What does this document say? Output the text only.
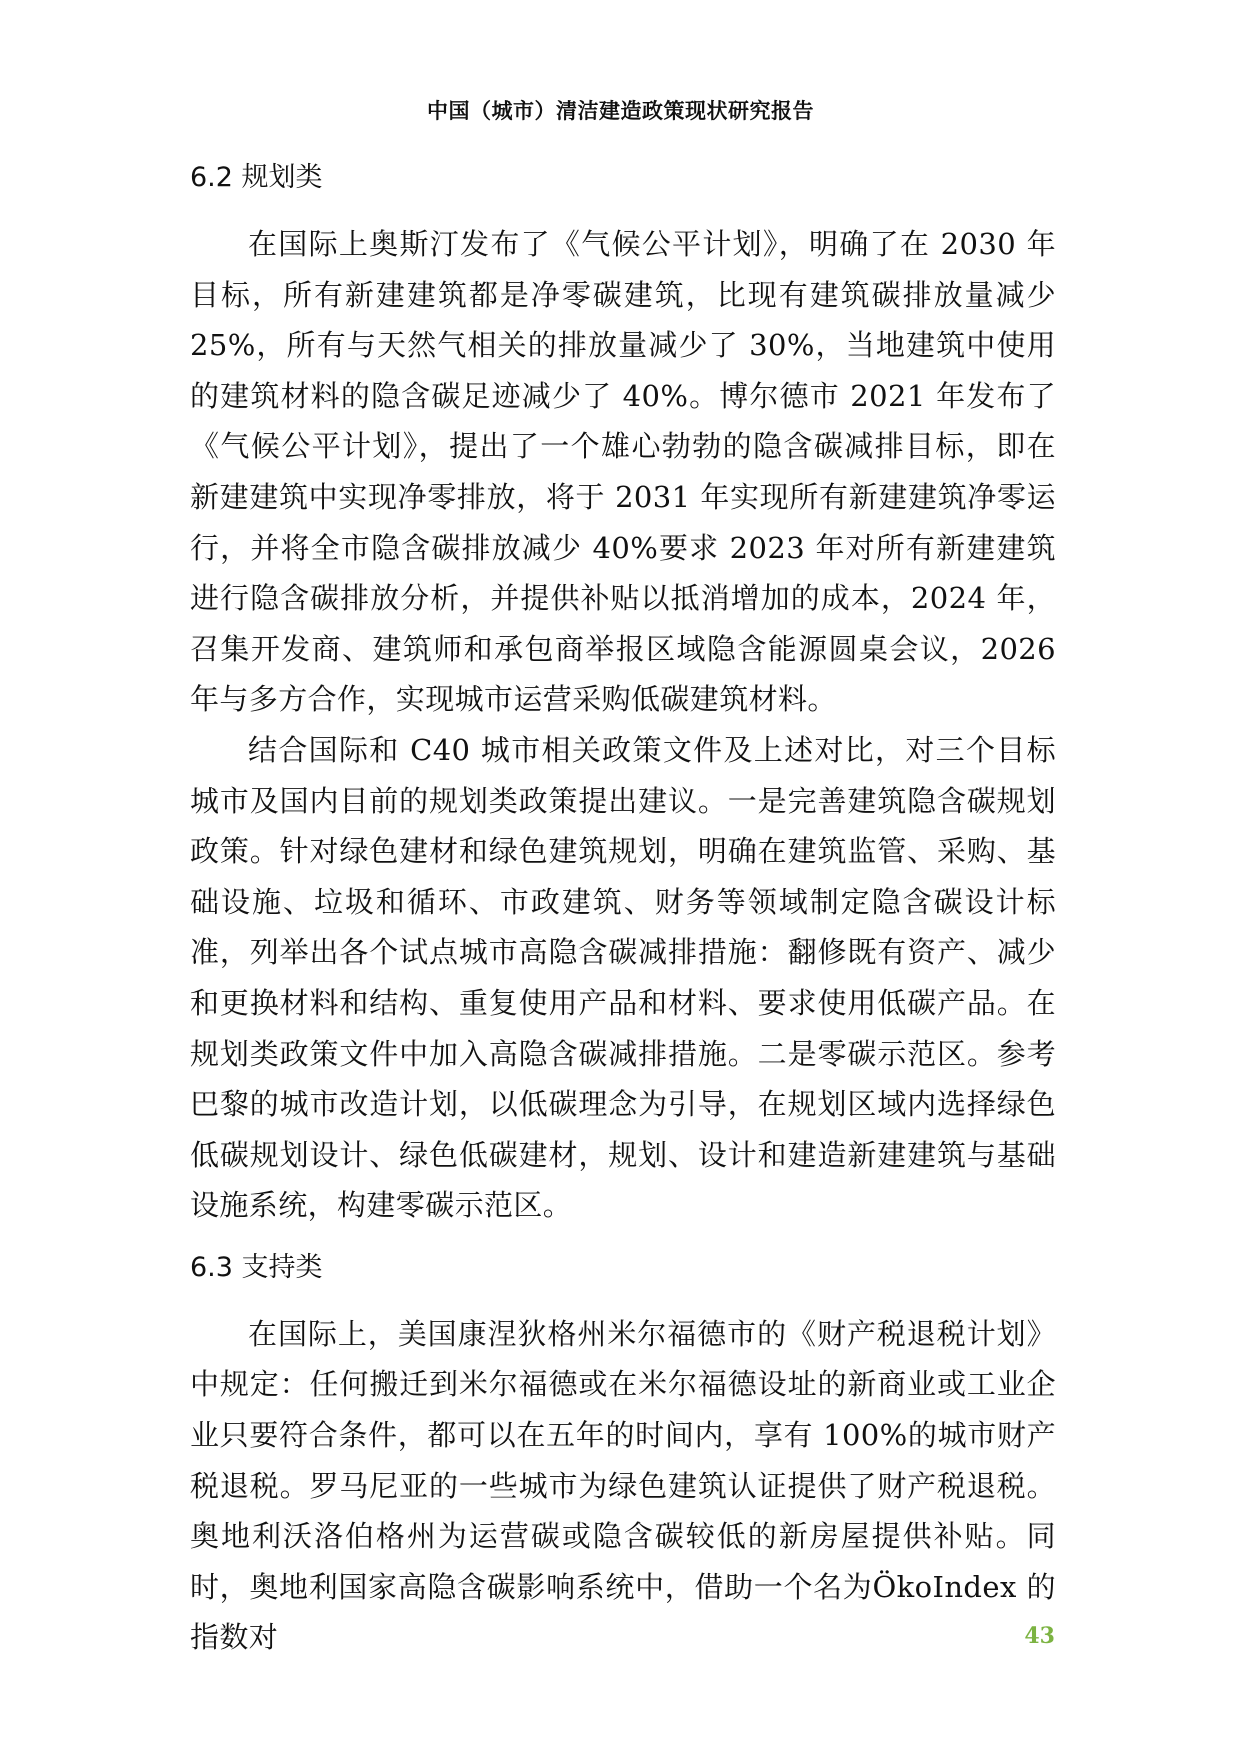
中国（城市）清洁建造政策现状研究报告
6.2 规划类

在国际上奥斯汀发布了《气候公平计划》，明确了在 2030 年目标，所有新建建筑都是净零碳建筑，比现有建筑碳排放量减少 25%，所有与天然气相关的排放量减少了 30%，当地建筑中使用的建筑材料的隐含碳足迹减少了 40%。博尔德市 2021 年发布了《气候公平计划》，提出了一个雄心勃勃的隐含碳减排目标，即在新建建筑中实现净零排放，将于 2031 年实现所有新建建筑净零运行，并将全市隐含碳排放减少 40%要求 2023 年对所有新建建筑进行隐含碳排放分析，并提供补贴以抵消增加的成本，2024 年，召集开发商、建筑师和承包商举报区域隐含能源圆桌会议，2026 年与多方合作，实现城市运营采购低碳建筑材料。

结合国际和 C40 城市相关政策文件及上述对比，对三个目标城市及国内目前的规划类政策提出建议。一是完善建筑隐含碳规划政策。针对绿色建材和绿色建筑规划，明确在建筑监管、采购、基础设施、垃圾和循环、市政建筑、财务等领域制定隐含碳设计标准，列举出各个试点城市高隐含碳减排措施：翻修既有资产、减少和更换材料和结构、重复使用产品和材料、要求使用低碳产品。在规划类政策文件中加入高隐含碳减排措施。二是零碳示范区。参考巴黎的城市改造计划，以低碳理念为引导，在规划区域内选择绿色低碳规划设计、绿色低碳建材，规划、设计和建造新建建筑与基础设施系统，构建零碳示范区。

6.3 支持类

在国际上，美国康涅狄格州米尔福德市的《财产税退税计划》中规定：任何搬迁到米尔福德或在米尔福德设址的新商业或工业企业只要符合条件，都可以在五年的时间内，享有 100%的城市财产税退税。罗马尼亚的一些城市为绿色建筑认证提供了财产税退税。奥地利沃洛伯格州为运营碳或隐含碳较低的新房屋提供补贴。同时，奥地利国家高隐含碳影响系统中，借助一个名为ÖkoIndex 的指数对	43
